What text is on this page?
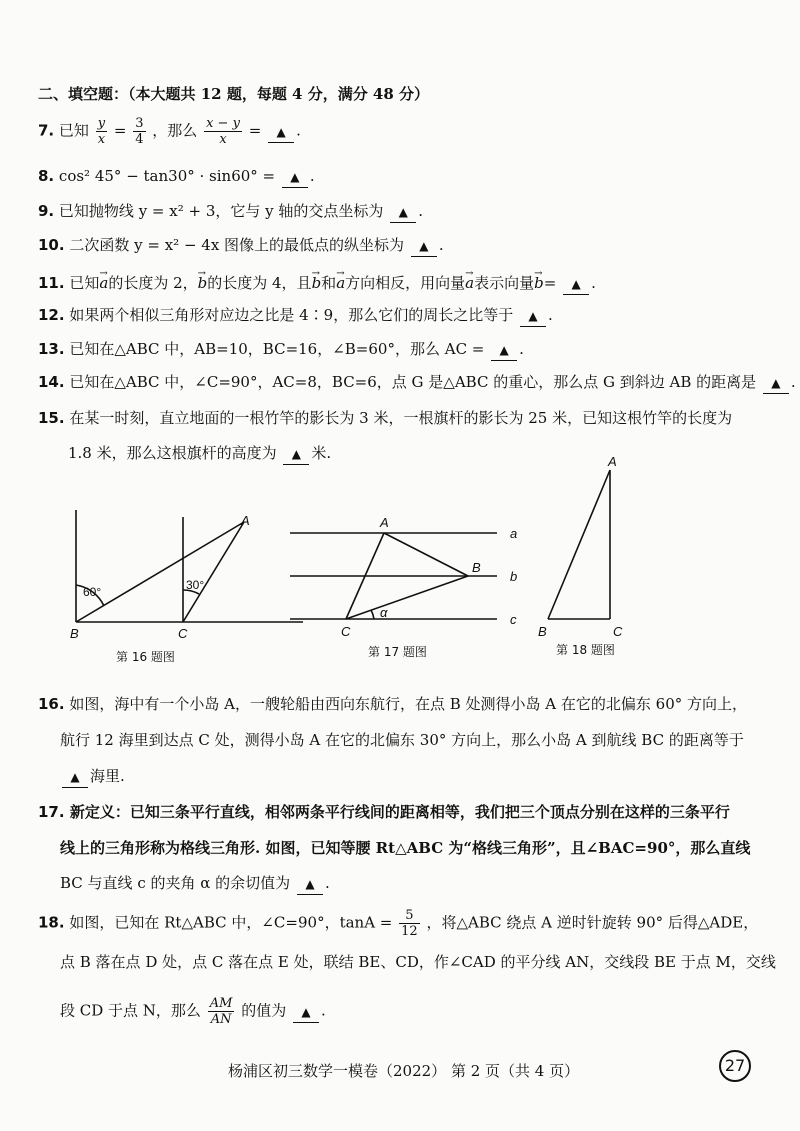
二、填空题：（本大题共 12 题，每题 4 分，满分 48 分）
7. 已知 $\frac{y}{x} = \frac{3}{4}$ ，那么 $\frac{x - y}{x}$ = ▲ .
8. cos² 45° − tan30° · sin60° = ▲ .
9. 已知抛物线 y = x² + 3，它与 y 轴的交点坐标为 ▲ .
10. 二次函数 y = x² − 4x 图像上的最低点的纵坐标为 ▲ .
11. 已知→ a的长度为 2，→ b的长度为 4，且→ b和→ a方向相反，用向量→ a表示向量→ b= ▲ .
12. 如果两个相似三角形对应边之比是 4∶9，那么它们的周长之比等于 ▲ .
13. 已知在△ABC 中，AB=10，BC=16，∠B=60°，那么 AC = ▲ .
14. 已知在△ABC 中，∠C=90°，AC=8，BC=6，点 G 是△ABC 的重心，那么点 G 到斜边 AB 的距离是 ▲ .
15. 在某一时刻，直立地面的一根竹竿的影长为 3 米，一根旗杆的影长为 25 米，已知这根竹竿的长度为
1.8 米，那么这根旗杆的高度为 ▲ 米.
A
B	C
A
B
C
a
b
c
α
A
B	C
60°	30°
第 16 题图	第 17 题图	第 18 题图
16. 如图，海中有一个小岛 A，一艘轮船由西向东航行，在点 B 处测得小岛 A 在它的北偏东 60° 方向上，
航行 12 海里到达点 C 处，测得小岛 A 在它的北偏东 30° 方向上，那么小岛 A 到航线 BC 的距离等于
▲ 海里.
17. 新定义：已知三条平行直线，相邻两条平行线间的距离相等，我们把三个顶点分别在这样的三条平行
线上的三角形称为格线三角形. 如图，已知等腰 Rt△ABC 为“格线三角形”，且∠BAC=90°，那么直线
BC 与直线 c 的夹角 α 的余切值为 ▲ .
18. 如图，已知在 Rt△ABC 中，∠C=90°，$\tan A = \frac{5}{12}$ ，将△ABC 绕点 A 逆时针旋转 90° 后得△ADE，
点 B 落在点 D 处，点 C 落在点 E 处，联结 BE、CD，作∠CAD 的平分线 AN，交线段 BE 于点 M，交线
段 CD 于点 N，那么 $\frac{AM}{AN}$ 的值为 ▲ .
杨浦区初三数学一模卷（2022） 第 2 页（共 4 页）	27
